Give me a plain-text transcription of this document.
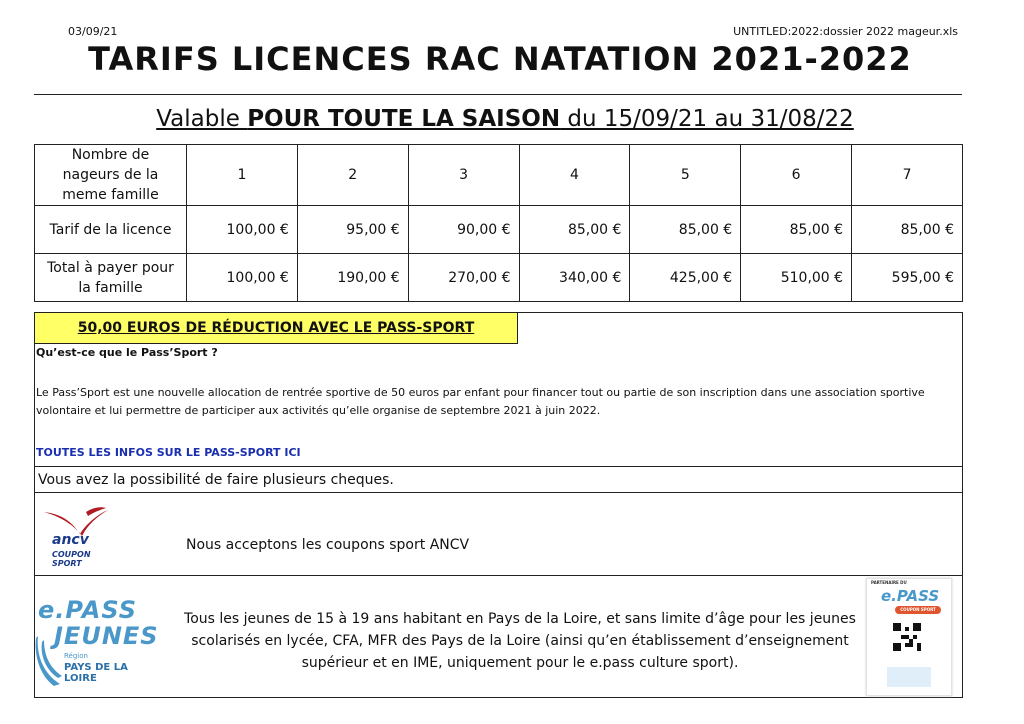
03/09/21	UNTITLED:2022:dossier 2022 mageur.xls
TARIFS LICENCES RAC NATATION 2021-2022
Valable POUR TOUTE LA SAISON du 15/09/21 au 31/08/22
Nombre de nageurs de la meme famille	1	2	3	4	5	6	7
Tarif de la licence	100,00 €	95,00 €	90,00 €	85,00 €	85,00 €	85,00 €	85,00 €
Total à payer pour la famille	100,00 €	190,00 €	270,00 €	340,00 €	425,00 €	510,00 €	595,00 €
50,00 EUROS DE RÉDUCTION AVEC LE PASS-SPORT
Qu’est-ce que le Pass’Sport ?
Le Pass’Sport est une nouvelle allocation de rentrée sportive de 50 euros par enfant pour financer tout ou partie de son inscription dans une association sportive volontaire et lui permettre de participer aux activités qu’elle organise de septembre 2021 à juin 2022.
TOUTES LES INFOS SUR LE PASS-SPORT ICI
Vous avez la possibilité de faire plusieurs cheques.
ancv
COUPON SPORT
Nous acceptons les coupons sport ANCV
e.PASS
JEUNES
Région
PAYS DE LA LOIRE
Tous les jeunes de 15 à 19 ans habitant en Pays de la Loire, et sans limite d’âge pour les jeunes scolarisés en lycée, CFA, MFR des Pays de la Loire (ainsi qu’en établissement d’enseignement supérieur et en IME, uniquement pour le e.pass culture sport).
PARTENAIRE DU
e.PASS
COUPON SPORT
